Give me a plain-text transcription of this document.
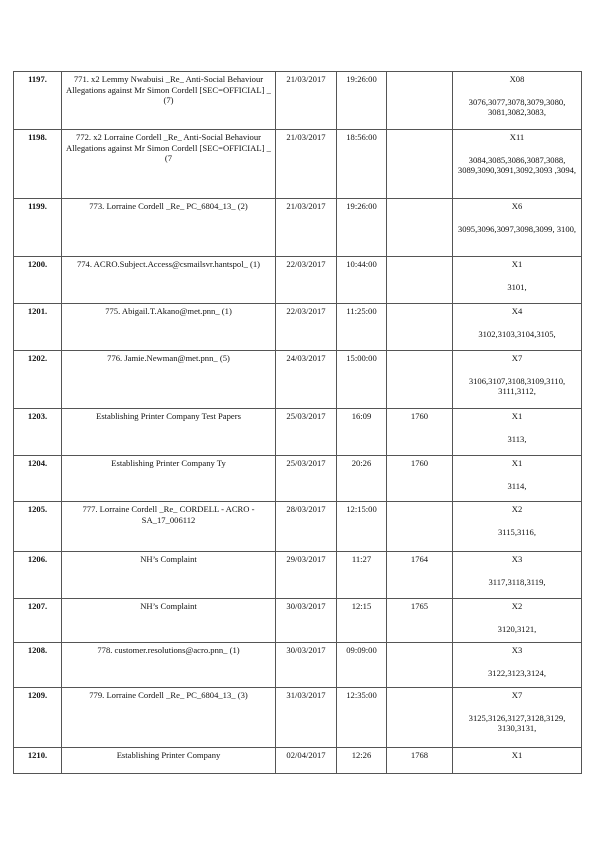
1197.	771. x2 Lemmy Nwabuisi _Re_ Anti-Social Behaviour Allegations against Mr Simon Cordell [SEC=OFFICIAL] _ (7)	21/03/2017	19:26:00		X08
3076,3077,3078,3079,3080, 3081,3082,3083,

1198.	772. x2 Lorraine Cordell _Re_ Anti-Social Behaviour Allegations against Mr Simon Cordell [SEC=OFFICIAL] _ (7	21/03/2017	18:56:00		X11
3084,3085,3086,3087,3088, 3089,3090,3091,3092,3093 ,3094,

1199.	773. Lorraine Cordell _Re_ PC_6804_13_ (2)	21/03/2017	19:26:00		X6
3095,3096,3097,3098,3099, 3100,

1200.	774. ACRO.Subject.Access@csmailsvr.hantspol_ (1)	22/03/2017	10:44:00		X1
3101,

1201.	775. Abigail.T.Akano@met.pnn_ (1)	22/03/2017	11:25:00		X4
3102,3103,3104,3105,

1202.	776. Jamie.Newman@met.pnn_ (5)	24/03/2017	15:00:00		X7
3106,3107,3108,3109,3110, 3111,3112,

1203.	Establishing Printer Company Test Papers	25/03/2017	16:09	1760	X1
3113,

1204.	Establishing Printer Company Ty	25/03/2017	20:26	1760	X1
3114,

1205.	777. Lorraine Cordell _Re_ CORDELL - ACRO - SA_17_006112	28/03/2017	12:15:00		X2
3115,3116,

1206.	NH’s Complaint	29/03/2017	11:27	1764	X3
3117,3118,3119,

1207.	NH’s Complaint	30/03/2017	12:15	1765	X2
3120,3121,

1208.	778. customer.resolutions@acro.pnn_ (1)	30/03/2017	09:09:00		X3
3122,3123,3124,

1209.	779. Lorraine Cordell _Re_ PC_6804_13_ (3)	31/03/2017	12:35:00		X7
3125,3126,3127,3128,3129, 3130,3131,

1210.	Establishing Printer Company	02/04/2017	12:26	1768	X1
